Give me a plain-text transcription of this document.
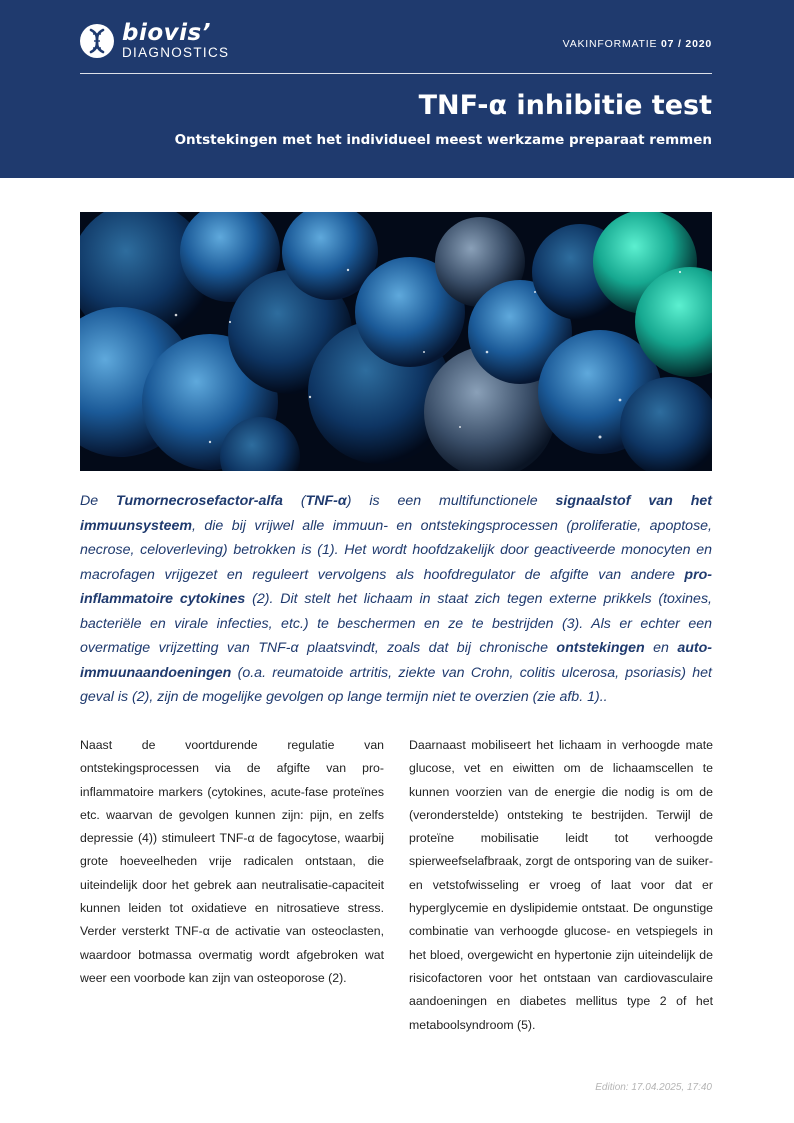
biovis’
DIAGNOSTICS
VAKINFORMATIE 07 / 2020
TNF-α inhibitie test
Ontstekingen met het individueel meest werkzame preparaat remmen

De Tumornecrosefactor-alfa (TNF-α) is een multifunctionele signaalstof van het immuunsysteem, die bij vrijwel alle immuun- en ontstekingsprocessen (proliferatie, apoptose, necrose, celoverleving) betrokken is (1). Het wordt hoofdzakelijk door geactiveerde monocyten en macrofagen vrijgezet en reguleert vervolgens als hoofdregulator de afgifte van andere pro-inflammatoire cytokines (2). Dit stelt het lichaam in staat zich tegen externe prikkels (toxines, bacteriële en virale infecties, etc.) te beschermen en ze te bestrijden (3). Als er echter een overmatige vrijzetting van TNF-α plaatsvindt, zoals dat bij chronische ontstekingen en auto-immuunaandoeningen (o.a. reumatoide artritis, ziekte van Crohn, colitis ulcerosa, psoriasis) het geval is (2), zijn de mogelijke gevolgen op lange termijn niet te overzien (zie afb. 1)..

Naast de voortdurende regulatie van ontstekingsprocessen via de afgifte van pro-inflammatoire markers (cytokines, acute-fase proteïnes etc. waarvan de gevolgen kunnen zijn: pijn, en zelfs depressie (4)) stimuleert TNF-α de fagocytose, waarbij grote hoeveelheden vrije radicalen ontstaan, die uiteindelijk door het gebrek aan neutralisatie-capaciteit kunnen leiden tot oxidatieve en nitrosatieve stress. Verder versterkt TNF-α de activatie van osteoclasten, waardoor botmassa overmatig wordt afgebroken wat weer een voorbode kan zijn van osteoporose (2).

Daarnaast mobiliseert het lichaam in verhoogde mate glucose, vet en eiwitten om de lichaamscellen te kunnen voorzien van de energie die nodig is om de (veronderstelde) ontsteking te bestrijden. Terwijl de proteïne mobilisatie leidt tot verhoogde spierweefselafbraak, zorgt de ontsporing van de suiker- en vetstofwisseling er vroeg of laat voor dat er hyperglycemie en dyslipidemie ontstaat. De ongunstige combinatie van verhoogde glucose- en vetspiegels in het bloed, overgewicht en hypertonie zijn uiteindelijk de risicofactoren voor het ontstaan van cardiovasculaire aandoeningen en diabetes mellitus type 2 of het metaboolsyndroom (5).

Edition: 17.04.2025, 17:40
